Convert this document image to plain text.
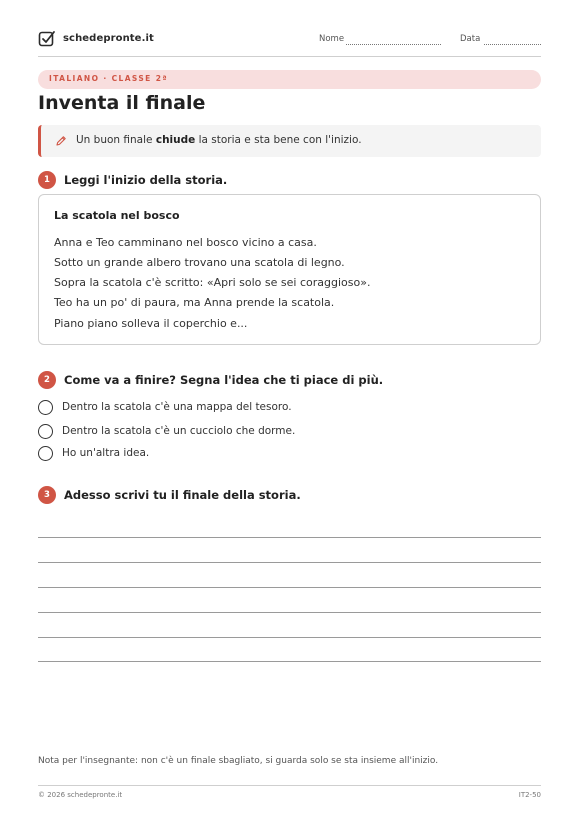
schedepronte.it	Nome	Data
ITALIANO · CLASSE 2ª
Inventa il finale
Un buon finale chiude la storia e sta bene con l'inizio.
1	Leggi l'inizio della storia.
La scatola nel bosco
Anna e Teo camminano nel bosco vicino a casa.
Sotto un grande albero trovano una scatola di legno.
Sopra la scatola c'è scritto: «Apri solo se sei coraggioso».
Teo ha un po' di paura, ma Anna prende la scatola.
Piano piano solleva il coperchio e...
2	Come va a finire? Segna l'idea che ti piace di più.
Dentro la scatola c'è una mappa del tesoro.
Dentro la scatola c'è un cucciolo che dorme.
Ho un'altra idea.
3	Adesso scrivi tu il finale della storia.
Nota per l'insegnante: non c'è un finale sbagliato, si guarda solo se sta insieme all'inizio.
© 2026 schedepronte.it	IT2-50
